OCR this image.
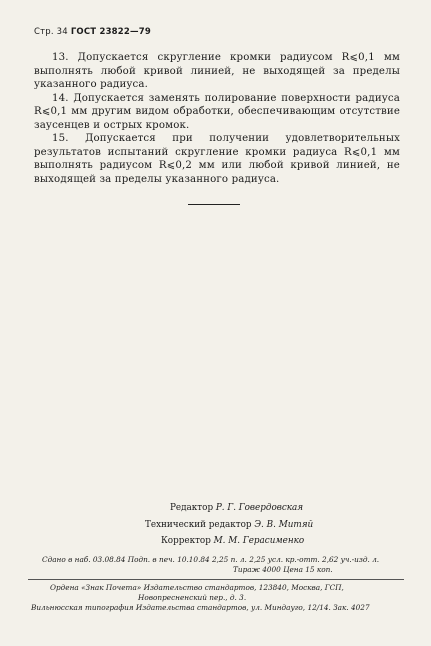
Стр. 34 ГОСТ 23822—79

13. Допускается скругление кромки радиусом R⩽0,1 мм выполнять любой кривой линией, не выходящей за пределы указанного радиуса.

14. Допускается заменять полирование поверхности радиуса R⩽0,1 мм другим видом обработки, обеспечивающим отсутствие заусенцев и острых кромок.

15. Допускается при получении удовлетворительных результатов испытаний скругление кромки радиуса R⩽0,1 мм выполнять радиусом R⩽0,2 мм или любой кривой линией, не выходящей за пределы указанного радиуса.

Редактор Р. Г. Говердовская
Технический редактор Э. В. Митяй
Корректор М. М. Герасименко
Сдано в наб. 03.08.84 Подп. в печ. 10.10.84 2,25 п. л. 2,25 усл. кр.-отт. 2,62 уч.-изд. л.
Тираж 4000 Цена 15 коп.
Ордена «Знак Почета» Издательство стандартов, 123840, Москва, ГСП,
Новопресненский пер., д. 3.
Вильнюсская типография Издательства стандартов, ул. Миндауго, 12/14. Зак. 4027
